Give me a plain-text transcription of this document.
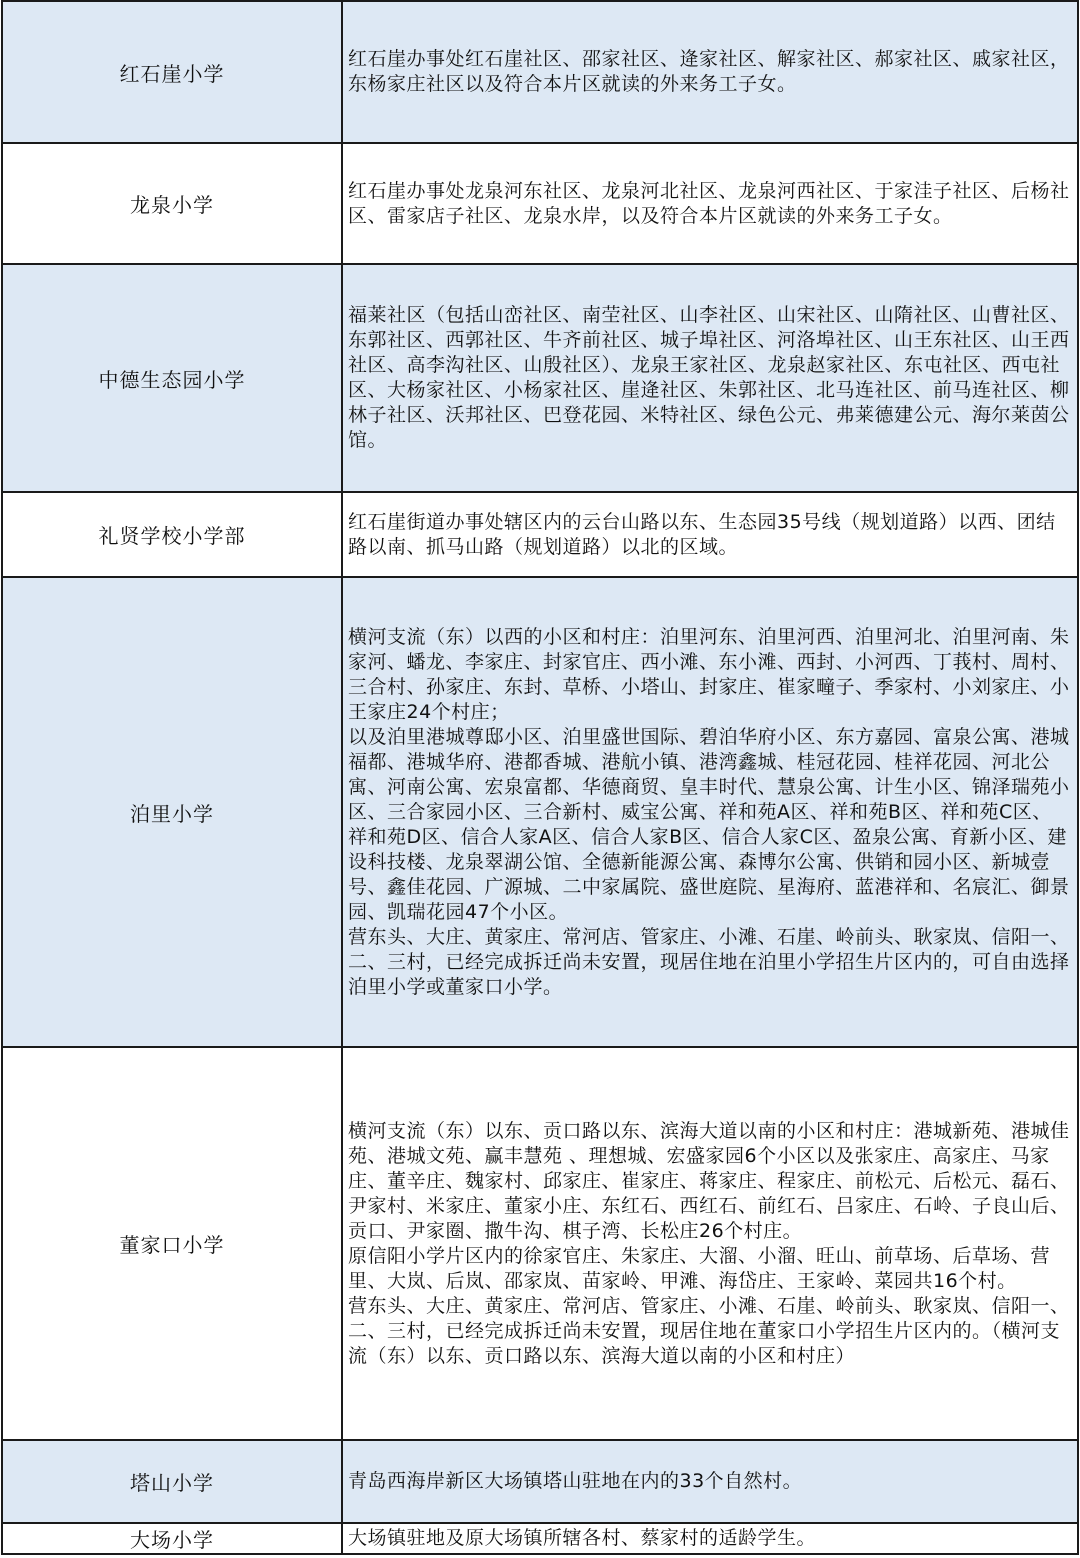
红石崖小学	红石崖办事处红石崖社区、邵家社区、逄家社区、解家社区、郝家社区、戚家社区，东杨家庄社区以及符合本片区就读的外来务工子女。
龙泉小学	红石崖办事处龙泉河东社区、龙泉河北社区、龙泉河西社区、于家洼子社区、后杨社区、雷家店子社区、龙泉水岸，以及符合本片区就读的外来务工子女。
中德生态园小学	福莱社区（包括山峦社区、南茔社区、山李社区、山宋社区、山隋社区、山曹社区、东郭社区、西郭社区、牛齐前社区、城子埠社区、河洛埠社区、山王东社区、山王西社区、高李沟社区、山殷社区）、龙泉王家社区、龙泉赵家社区、东屯社区、西屯社区、大杨家社区、小杨家社区、崖逄社区、朱郭社区、北马连社区、前马连社区、柳林子社区、沃邦社区、巴登花园、米特社区、绿色公元、弗莱德建公元、海尔莱茵公馆。
礼贤学校小学部	红石崖街道办事处辖区内的云台山路以东、生态园35号线（规划道路）以西、团结路以南、抓马山路（规划道路）以北的区域。
泊里小学	横河支流（东）以西的小区和村庄：泊里河东、泊里河西、泊里河北、泊里河南、朱家河、蟠龙、李家庄、封家官庄、西小滩、东小滩、西封、小河西、丁莪村、周村、三合村、孙家庄、东封、草桥、小塔山、封家庄、崔家疃子、季家村、小刘家庄、小王家庄24个村庄；
以及泊里港城尊邸小区、泊里盛世国际、碧泊华府小区、东方嘉园、富泉公寓、港城福都、港城华府、港都香城、港航小镇、港湾鑫城、桂冠花园、桂祥花园、河北公寓、河南公寓、宏泉富都、华德商贸、皇丰时代、慧泉公寓、计生小区、锦泽瑞苑小区、三合家园小区、三合新村、威宝公寓、祥和苑A区、祥和苑B区、祥和苑C区、祥和苑D区、信合人家A区、信合人家B区、信合人家C区、盈泉公寓、育新小区、建设科技楼、龙泉翠湖公馆、全德新能源公寓、森博尔公寓、供销和园小区、新城壹号、鑫佳花园、广源城、二中家属院、盛世庭院、星海府、蓝港祥和、名宸汇、御景园、凯瑞花园47个小区。
营东头、大庄、黄家庄、常河店、管家庄、小滩、石崖、岭前头、耿家岚、信阳一、二、三村，已经完成拆迁尚未安置，现居住地在泊里小学招生片区内的，可自由选择泊里小学或董家口小学。
董家口小学	横河支流（东）以东、贡口路以东、滨海大道以南的小区和村庄：港城新苑、港城佳苑、港城文苑、赢丰慧苑 、理想城、宏盛家园6个小区以及张家庄、高家庄、马家庄、董辛庄、魏家村、邱家庄、崔家庄、蒋家庄、程家庄、前松元、后松元、磊石、尹家村、米家庄、董家小庄、东红石、西红石、前红石、吕家庄、石岭、子良山后、贡口、尹家圈、撒牛沟、棋子湾、长松庄26个村庄。
原信阳小学片区内的徐家官庄、朱家庄、大溜、小溜、旺山、前草场、后草场、营里、大岚、后岚、邵家岚、苗家岭、甲滩、海岱庄、王家岭、菜园共16个村。
营东头、大庄、黄家庄、常河店、管家庄、小滩、石崖、岭前头、耿家岚、信阳一、二、三村，已经完成拆迁尚未安置，现居住地在董家口小学招生片区内的。（横河支流（东）以东、贡口路以东、滨海大道以南的小区和村庄）
塔山小学	青岛西海岸新区大场镇塔山驻地在内的33个自然村。
大场小学	大场镇驻地及原大场镇所辖各村、蔡家村的适龄学生。
